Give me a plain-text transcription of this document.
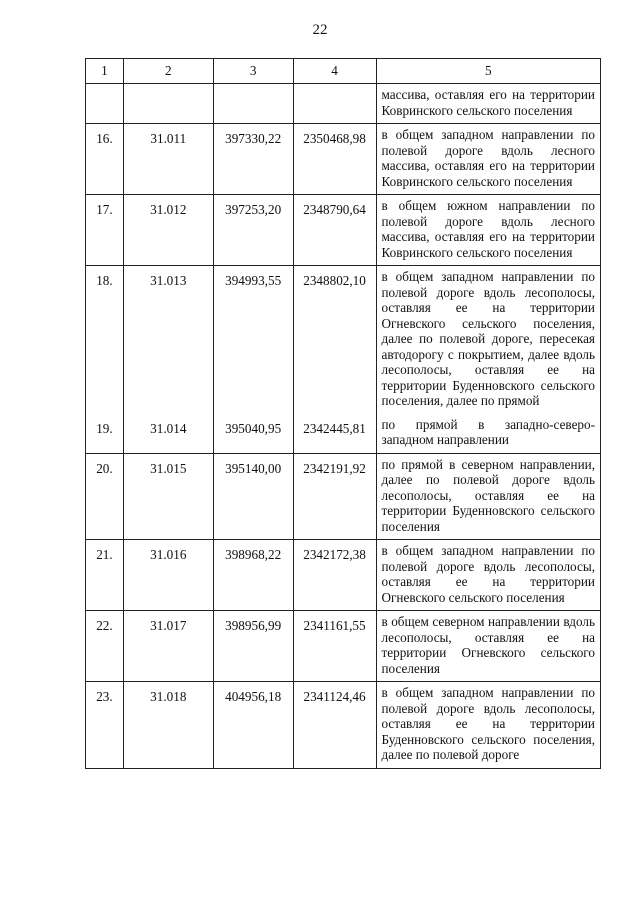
22
1	2	3	4	5
				массива, оставляя его на территории Ковринского сельского поселения
16.	31.011	397330,22	2350468,98	в общем западном направлении по полевой дороге вдоль лесного массива, оставляя его на территории Ковринского сельского поселения
17.	31.012	397253,20	2348790,64	в общем южном направлении по полевой дороге вдоль лесного массива, оставляя его на территории Ковринского сельского поселения
18.	31.013	394993,55	2348802,10	в общем западном направлении по полевой дороге вдоль лесополосы, оставляя ее на территории Огневского сельского поселения, далее по полевой дороге, пересекая автодорогу с покрытием, далее вдоль лесополосы, оставляя ее на территории Буденновского сельского поселения, далее по прямой
19.	31.014	395040,95	2342445,81	по прямой в западно-северо-западном направлении
20.	31.015	395140,00	2342191,92	по прямой в северном направлении, далее по полевой дороге вдоль лесополосы, оставляя ее на территории Буденновского сельского поселения
21.	31.016	398968,22	2342172,38	в общем западном направлении по полевой дороге вдоль лесополосы, оставляя ее на территории Огневского сельского поселения
22.	31.017	398956,99	2341161,55	в общем северном направлении вдоль лесополосы, оставляя ее на территории Огневского сельского поселения
23.	31.018	404956,18	2341124,46	в общем западном направлении по полевой дороге вдоль лесополосы, оставляя ее на территории Буденновского сельского поселения, далее по полевой дороге
